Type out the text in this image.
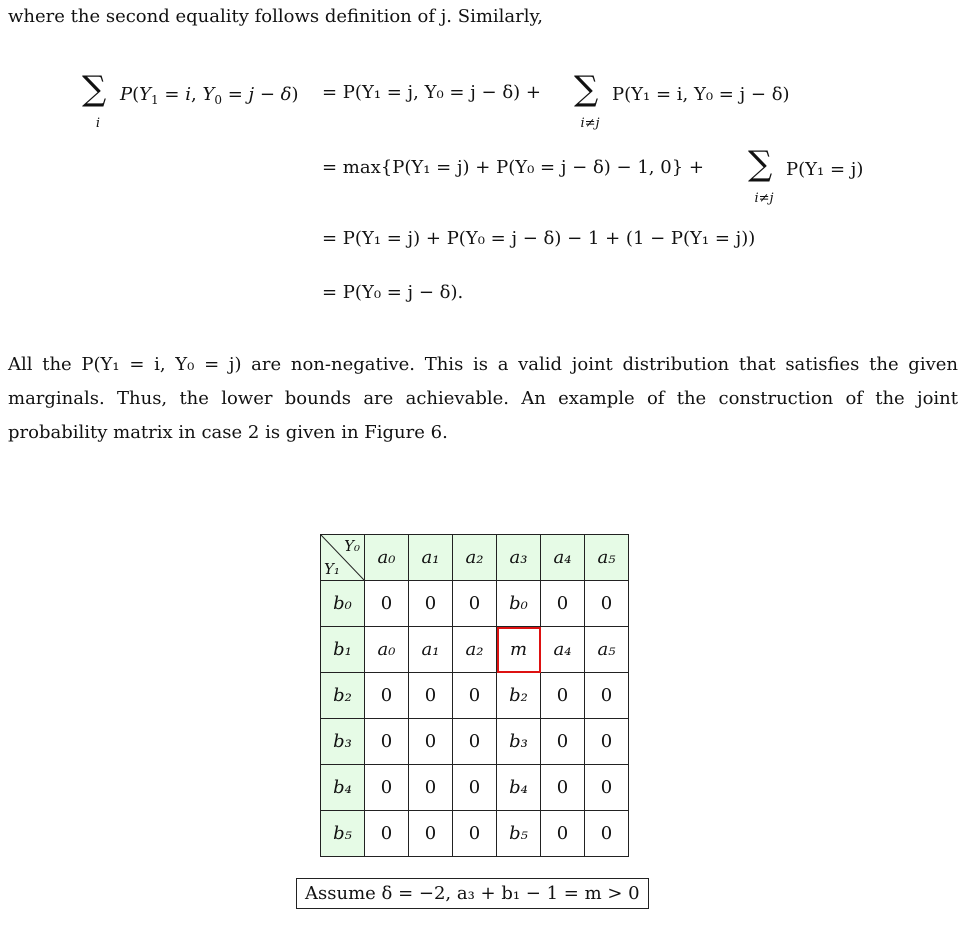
where the second equality follows definition of j. Similarly,
∑
i
$P(Y_1 = i$, $Y_0 = j - \delta) = P(Y_1 = j$, Y₀ = j − δ) + ∑
i≠j
P(Y₁ = i, Y₀ = j − δ)
= max{P(Y₁ = j) + P(Y₀ = j − δ) − 1, 0} + ∑
i≠j
P(Y₁ = j)
= P(Y₁ = j) + P(Y₀ = j − δ) − 1 + (1 − P(Y₁ = j))
= P(Y₀ = j − δ).
All the P(Y₁ = i, Y₀ = j) are non-negative. This is a valid joint distribution that satisfies the given marginals. Thus, the lower bounds are achievable. An example of the construction of the joint probability matrix in case 2 is given in Figure 6.
Y₀
Y₁	a₀	a₁	a₂	a₃	a₄	a₅
b₀	0	0	0	b₀	0	0
b₁	a₀	a₁	a₂	m	a₄	a₅
b₂	0	0	0	b₂	0	0
b₃	0	0	0	b₃	0	0
b₄	0	0	0	b₄	0	0
b₅	0	0	0	b₅	0	0
Assume δ = −2, a₃ + b₁ − 1 = m > 0
